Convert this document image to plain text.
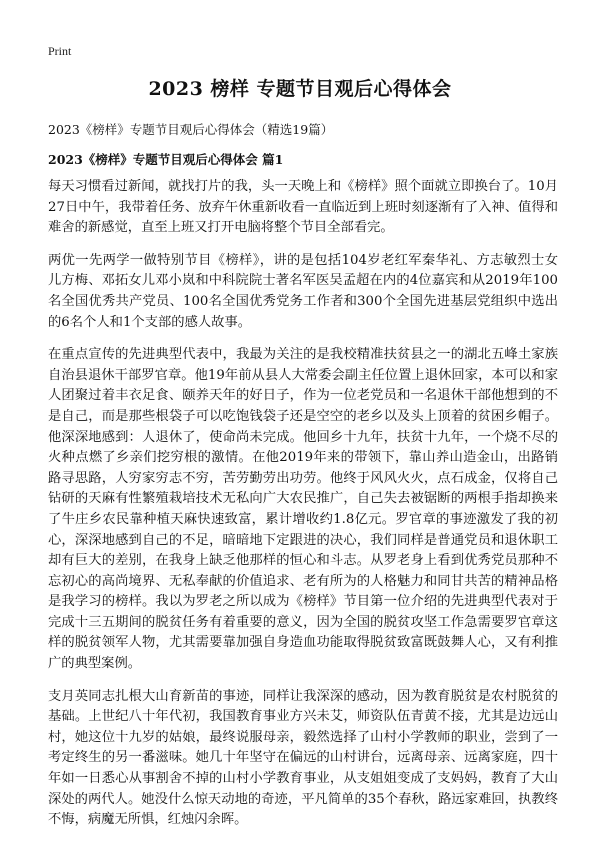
Print
2023 榜样 专题节目观后心得体会
2023《榜样》专题节目观后心得体会（精选19篇）
2023《榜样》专题节目观后心得体会 篇1

每天习惯看过新闻，就找打片的我，头一天晚上和《榜样》照个面就立即换台了。10月27日中午，我带着任务、放弃午休重新收看一直临近到上班时刻逐渐有了入神、值得和难舍的新感觉，直至上班又打开电脑将整个节目全部看完。

两优一先两学一做特别节目《榜样》，讲的是包括104岁老红军秦华礼、方志敏烈士女儿方梅、邓拓女儿邓小岚和中科院院士著名军医吴孟超在内的4位嘉宾和从2019年100名全国优秀共产党员、100名全国优秀党务工作者和300个全国先进基层党组织中选出的6名个人和1个支部的感人故事。

在重点宣传的先进典型代表中，我最为关注的是我校精准扶贫县之一的湖北五峰土家族自治县退休干部罗官章。他19年前从县人大常委会副主任位置上退休回家，本可以和家人团聚过着丰衣足食、颐养天年的好日子，作为一位老党员和一名退休干部他想到的不是自己，而是那些根袋子可以吃饱钱袋子还是空空的老乡以及头上顶着的贫困乡帽子。他深深地感到：人退休了，使命尚未完成。他回乡十九年，扶贫十九年，一个烧不尽的火种点燃了乡亲们挖穷根的激情。在他2019年来的带领下，靠山养山造金山，出路销路寻思路，人穷家穷志不穷，苦劳勤劳出功劳。他终于风风火火，点石成金，仅将自己钻研的天麻有性繁殖栽培技术无私向广大农民推广，自己失去被锯断的两根手指却换来了牛庄乡农民靠种植天麻快速致富，累计增收约1.8亿元。罗官章的事迹激发了我的初心，深深地感到自己的不足，暗暗地下定跟进的决心，我们同样是普通党员和退休职工却有巨大的差别，在我身上缺乏他那样的恒心和斗志。从罗老身上看到优秀党员那种不忘初心的高尚境界、无私奉献的价值追求、老有所为的人格魅力和同甘共苦的精神品格是我学习的榜样。我以为罗老之所以成为《榜样》节目第一位介绍的先进典型代表对于完成十三五期间的脱贫任务有着重要的意义，因为全国的脱贫攻坚工作急需要罗官章这样的脱贫领军人物，尤其需要靠加强自身造血功能取得脱贫致富既鼓舞人心，又有利推广的典型案例。

支月英同志扎根大山育新苗的事迹，同样让我深深的感动，因为教育脱贫是农村脱贫的基础。上世纪八十年代初，我国教育事业方兴未艾，师资队伍青黄不接，尤其是边远山村，她这位十九岁的姑娘，最终说服母亲，毅然选择了山村小学教师的职业，尝到了一考定终生的另一番滋味。她几十年坚守在偏远的山村讲台，远离母亲、远离家庭，四十年如一日悉心从事割舍不掉的山村小学教育事业，从支姐姐变成了支妈妈，教育了大山深处的两代人。她没什么惊天动地的奇迹，平凡简单的35个春秋，路远家难回，执教终不悔，病魔无所惧，红烛闪余晖。
